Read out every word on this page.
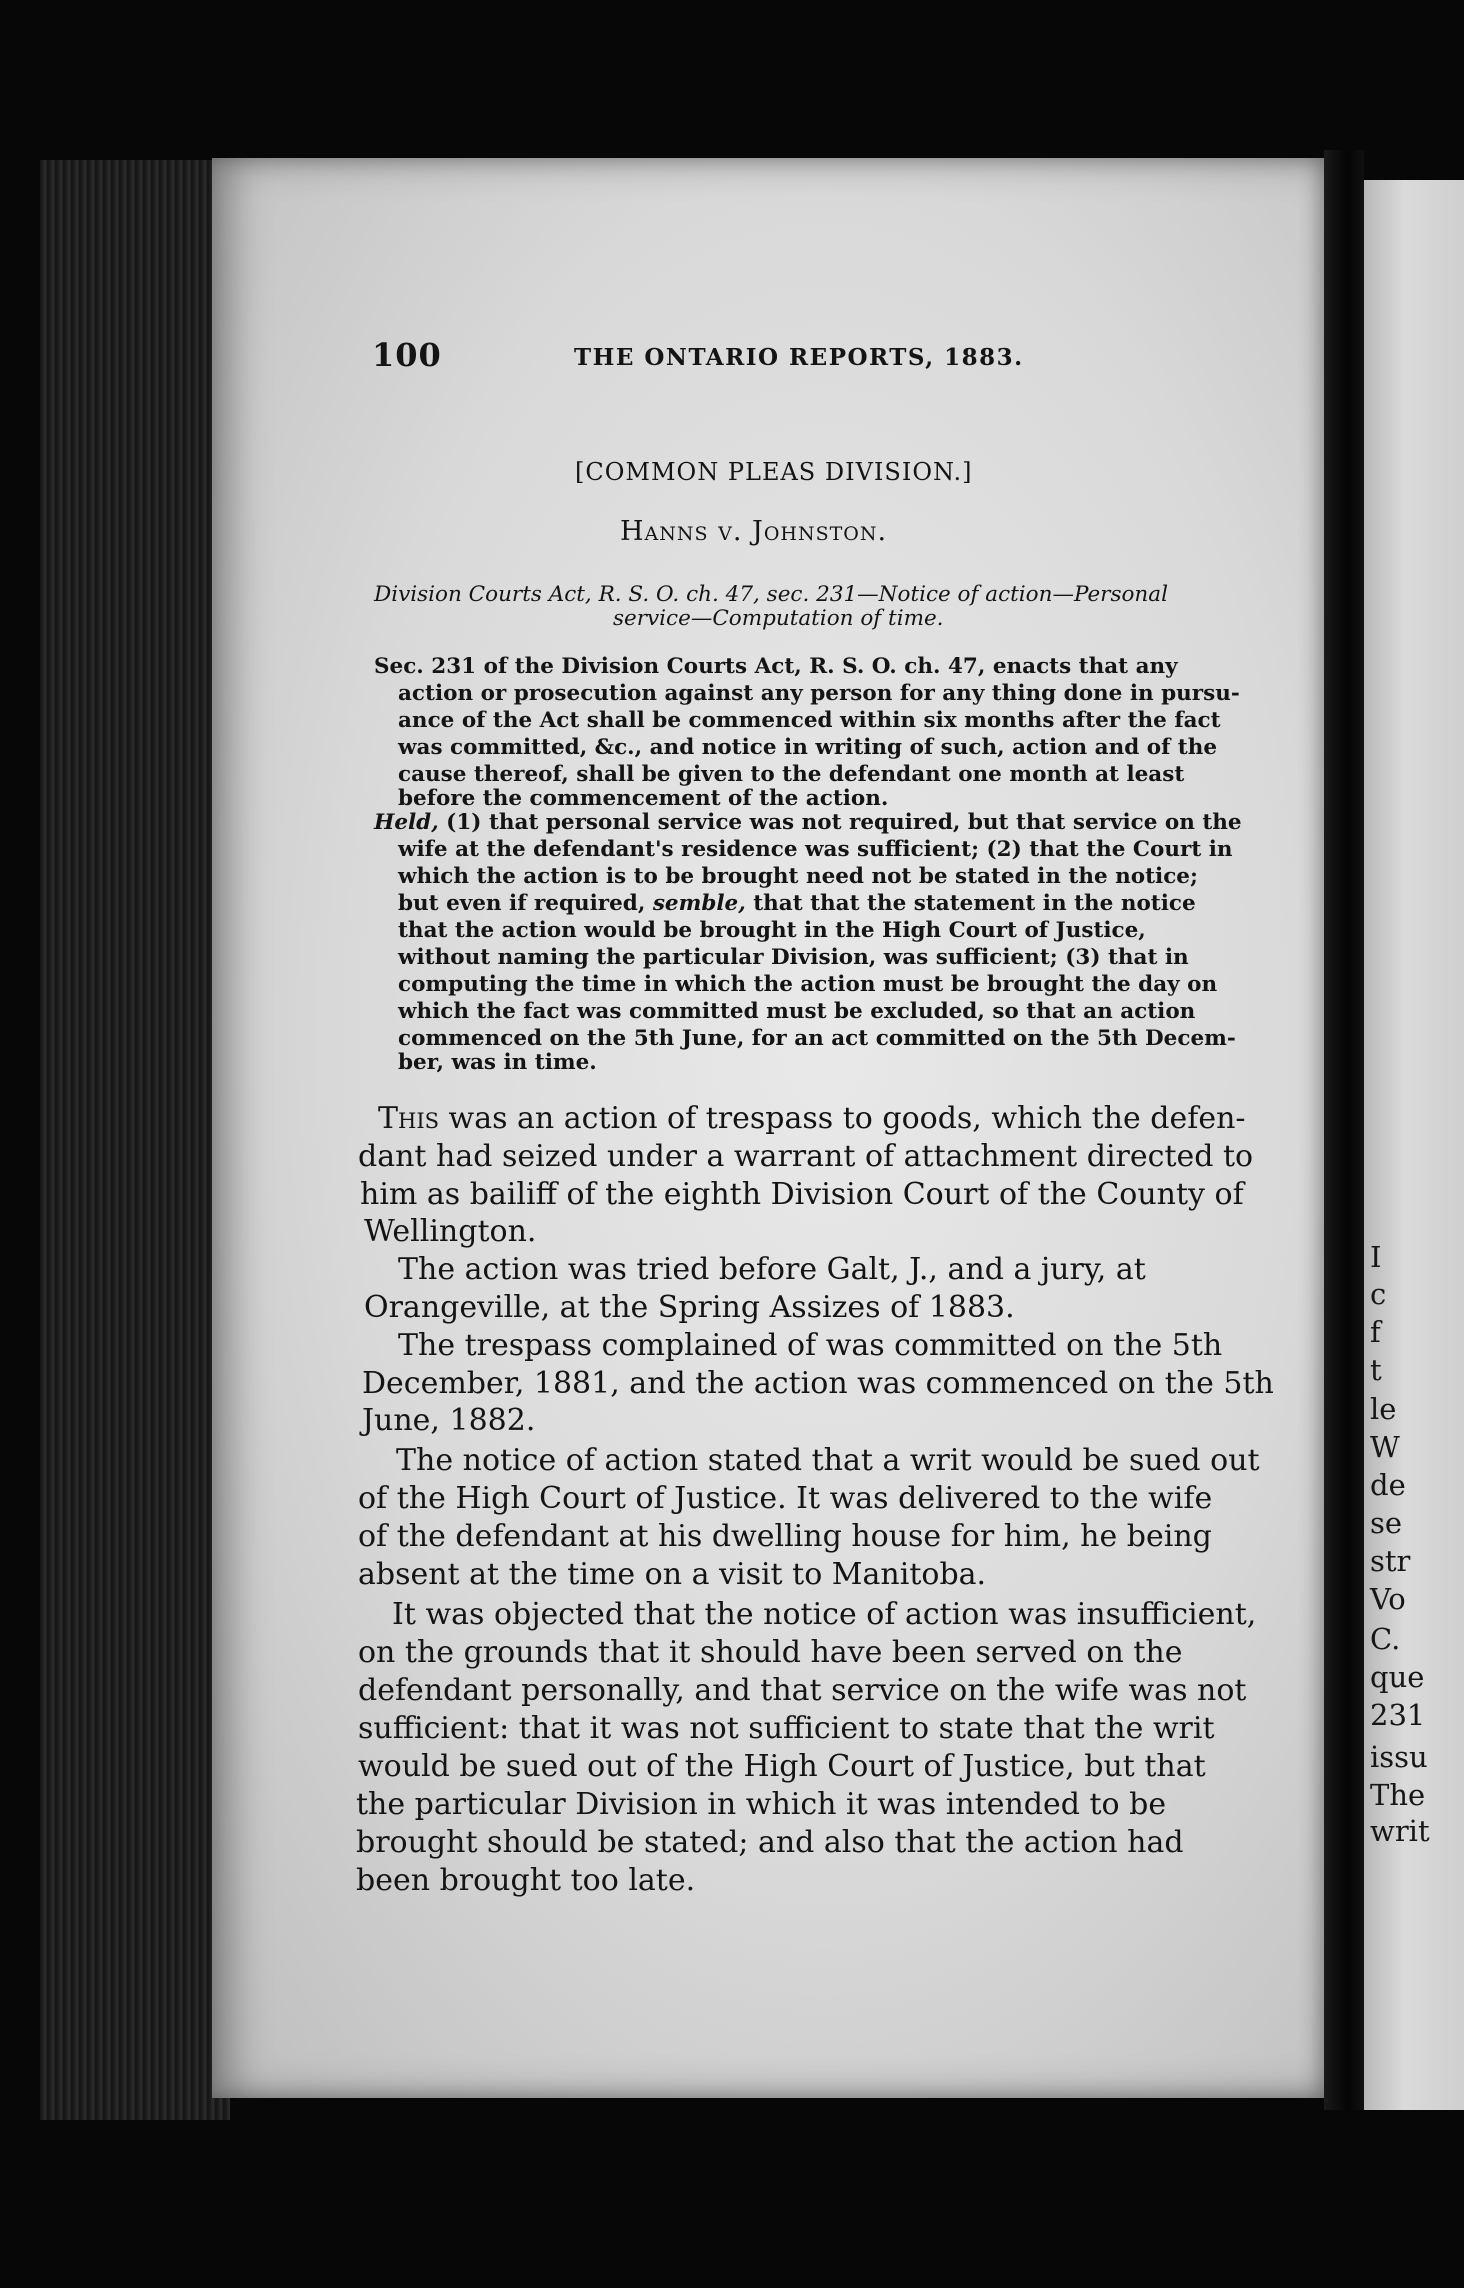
I
c
f
t
le
W
de
se
str
Vo
C.
que
231
issu
The
writ
100	THE ONTARIO REPORTS, 1883.
[COMMON PLEAS DIVISION.]
Hanns v. Johnston.
Division Courts Act, R. S. O. ch. 47, sec. 231—Notice of action—Personal
service—Computation of time.
Sec. 231 of the Division Courts Act, R. S. O. ch. 47, enacts that any
action or prosecution against any person for any thing done in pursu-
ance of the Act shall be commenced within six months after the fact
was committed, &c., and notice in writing of such, action and of the
cause thereof, shall be given to the defendant one month at least
before the commencement of the action.
Held, (1) that personal service was not required, but that service on the
wife at the defendant's residence was sufficient; (2) that the Court in
which the action is to be brought need not be stated in the notice;
but even if required, semble, that that the statement in the notice
that the action would be brought in the High Court of Justice,
without naming the particular Division, was sufficient; (3) that in
computing the time in which the action must be brought the day on
which the fact was committed must be excluded, so that an action
commenced on the 5th June, for an act committed on the 5th Decem-
ber, was in time.
This was an action of trespass to goods, which the defen-
dant had seized under a warrant of attachment directed to
him as bailiff of the eighth Division Court of the County of
Wellington.
The action was tried before Galt, J., and a jury, at
Orangeville, at the Spring Assizes of 1883.
The trespass complained of was committed on the 5th
December, 1881, and the action was commenced on the 5th
June, 1882.
The notice of action stated that a writ would be sued out
of the High Court of Justice. It was delivered to the wife
of the defendant at his dwelling house for him, he being
absent at the time on a visit to Manitoba.
It was objected that the notice of action was insufficient,
on the grounds that it should have been served on the
defendant personally, and that service on the wife was not
sufficient: that it was not sufficient to state that the writ
would be sued out of the High Court of Justice, but that
the particular Division in which it was intended to be
brought should be stated; and also that the action had
been brought too late.
